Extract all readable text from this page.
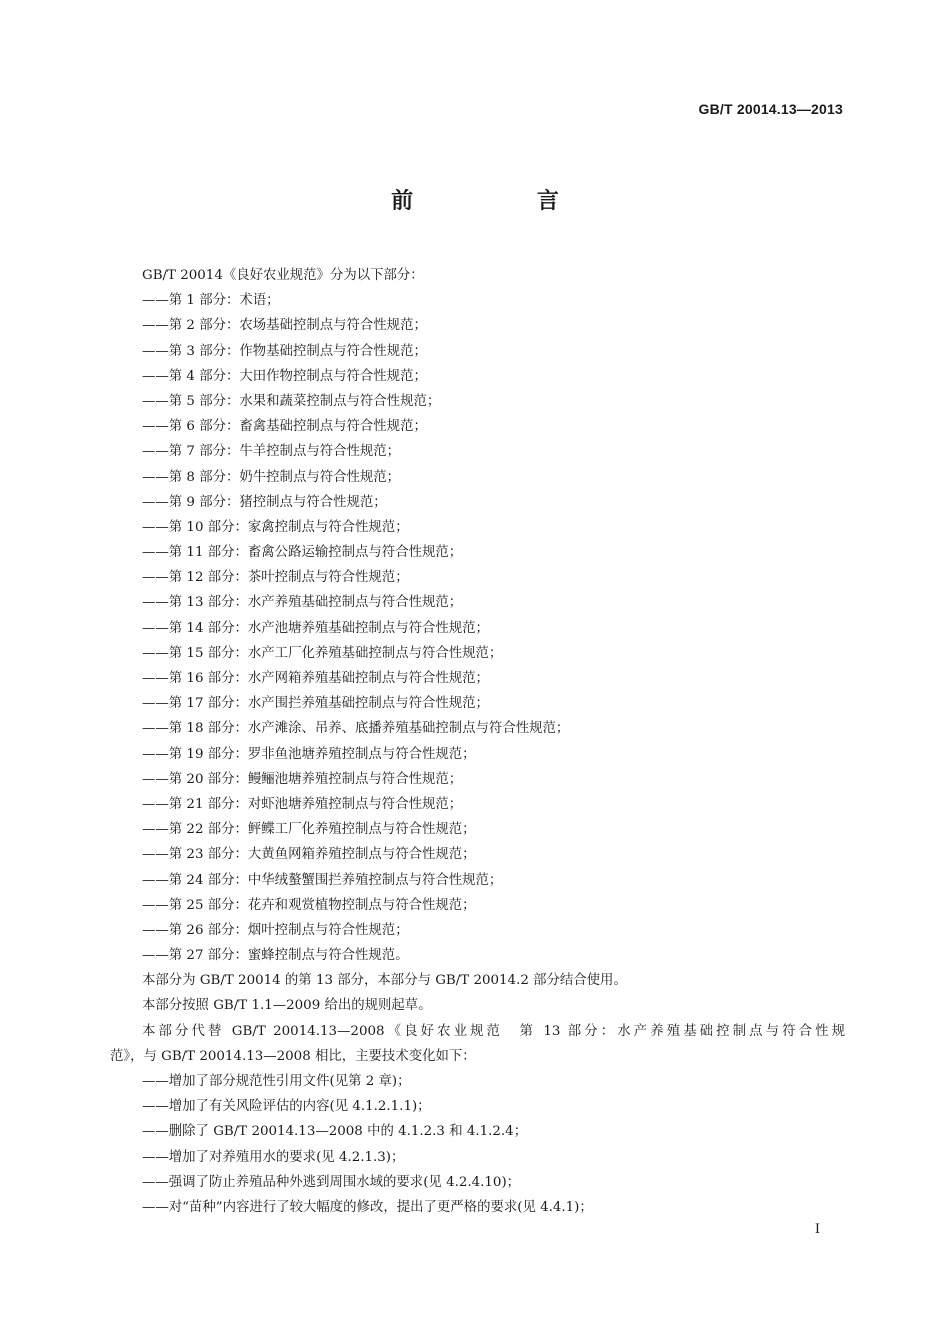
GB/T 20014.13—2013
前 言
GB/T 20014《良好农业规范》分为以下部分：
——第 1 部分：术语；
——第 2 部分：农场基础控制点与符合性规范；
——第 3 部分：作物基础控制点与符合性规范；
——第 4 部分：大田作物控制点与符合性规范；
——第 5 部分：水果和蔬菜控制点与符合性规范；
——第 6 部分：畜禽基础控制点与符合性规范；
——第 7 部分：牛羊控制点与符合性规范；
——第 8 部分：奶牛控制点与符合性规范；
——第 9 部分：猪控制点与符合性规范；
——第 10 部分：家禽控制点与符合性规范；
——第 11 部分：畜禽公路运输控制点与符合性规范；
——第 12 部分：茶叶控制点与符合性规范；
——第 13 部分：水产养殖基础控制点与符合性规范；
——第 14 部分：水产池塘养殖基础控制点与符合性规范；
——第 15 部分：水产工厂化养殖基础控制点与符合性规范；
——第 16 部分：水产网箱养殖基础控制点与符合性规范；
——第 17 部分：水产围拦养殖基础控制点与符合性规范；
——第 18 部分：水产滩涂、吊养、底播养殖基础控制点与符合性规范；
——第 19 部分：罗非鱼池塘养殖控制点与符合性规范；
——第 20 部分：鳗鲡池塘养殖控制点与符合性规范；
——第 21 部分：对虾池塘养殖控制点与符合性规范；
——第 22 部分：鲆鲽工厂化养殖控制点与符合性规范；
——第 23 部分：大黄鱼网箱养殖控制点与符合性规范；
——第 24 部分：中华绒螯蟹围拦养殖控制点与符合性规范；
——第 25 部分：花卉和观赏植物控制点与符合性规范；
——第 26 部分：烟叶控制点与符合性规范；
——第 27 部分：蜜蜂控制点与符合性规范。
本部分为 GB/T 20014 的第 13 部分，本部分与 GB/T 20014.2 部分结合使用。
本部分按照 GB/T 1.1—2009 给出的规则起草。
本部分代替 GB/T 20014.13—2008《良好农业规范　第 13 部分：水产养殖基础控制点与符合性规
范》，与 GB/T 20014.13—2008 相比，主要技术变化如下：
——增加了部分规范性引用文件(见第 2 章)；
——增加了有关风险评估的内容(见 4.1.2.1.1)；
——删除了 GB/T 20014.13—2008 中的 4.1.2.3 和 4.1.2.4；
——增加了对养殖用水的要求(见 4.2.1.3)；
——强调了防止养殖品种外逃到周围水域的要求(见 4.2.4.10)；
——对“苗种”内容进行了较大幅度的修改，提出了更严格的要求(见 4.4.1)；
I
